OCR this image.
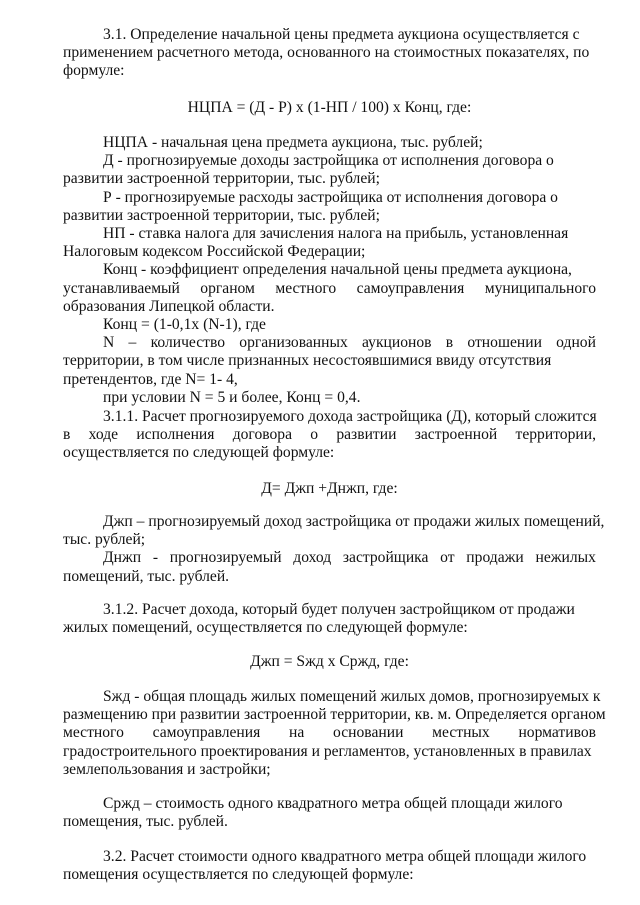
3.1. Определение начальной цены предмета аукциона осуществляется с
применением расчетного метода, основанного на стоимостных показателях, по
формуле:
НЦПА = (Д - Р) х (1-НП / 100) х Конц, где:
НЦПА - начальная цена предмета аукциона, тыс. рублей;
Д - прогнозируемые доходы застройщика от исполнения договора о
развитии застроенной территории, тыс. рублей;
Р - прогнозируемые расходы застройщика от исполнения договора о
развитии застроенной территории, тыс. рублей;
НП - ставка налога для зачисления налога на прибыль, установленная
Налоговым кодексом Российской Федерации;
Конц - коэффициент определения начальной цены предмета аукциона,
устанавливаемый органом местного самоуправления муниципального
образования Липецкой области.
Конц = (1-0,1х (N-1), где
N – количество организованных аукционов в отношении одной
территории, в том числе признанных несостоявшимися ввиду отсутствия
претендентов, где N= 1- 4,
при условии N = 5 и более, Конц = 0,4.
3.1.1. Расчет прогнозируемого дохода застройщика (Д), который сложится
в ходе исполнения договора о развитии застроенной территории,
осуществляется по следующей формуле:
Д= Джп +Днжп, где:
Джп – прогнозируемый доход застройщика от продажи жилых помещений,
тыс. рублей;
Днжп - прогнозируемый доход застройщика от продажи нежилых
помещений, тыс. рублей.
3.1.2. Расчет дохода, который будет получен застройщиком от продажи
жилых помещений, осуществляется по следующей формуле:
Джп = Sжд х Сржд, где:
Sжд - общая площадь жилых помещений жилых домов, прогнозируемых к
размещению при развитии застроенной территории, кв. м. Определяется органом
местного самоуправления на основании местных нормативов
градостроительного проектирования и регламентов, установленных в правилах
землепользования и застройки;
Сржд – стоимость одного квадратного метра общей площади жилого
помещения, тыс. рублей.
3.2. Расчет стоимости одного квадратного метра общей площади жилого
помещения осуществляется по следующей формуле:
